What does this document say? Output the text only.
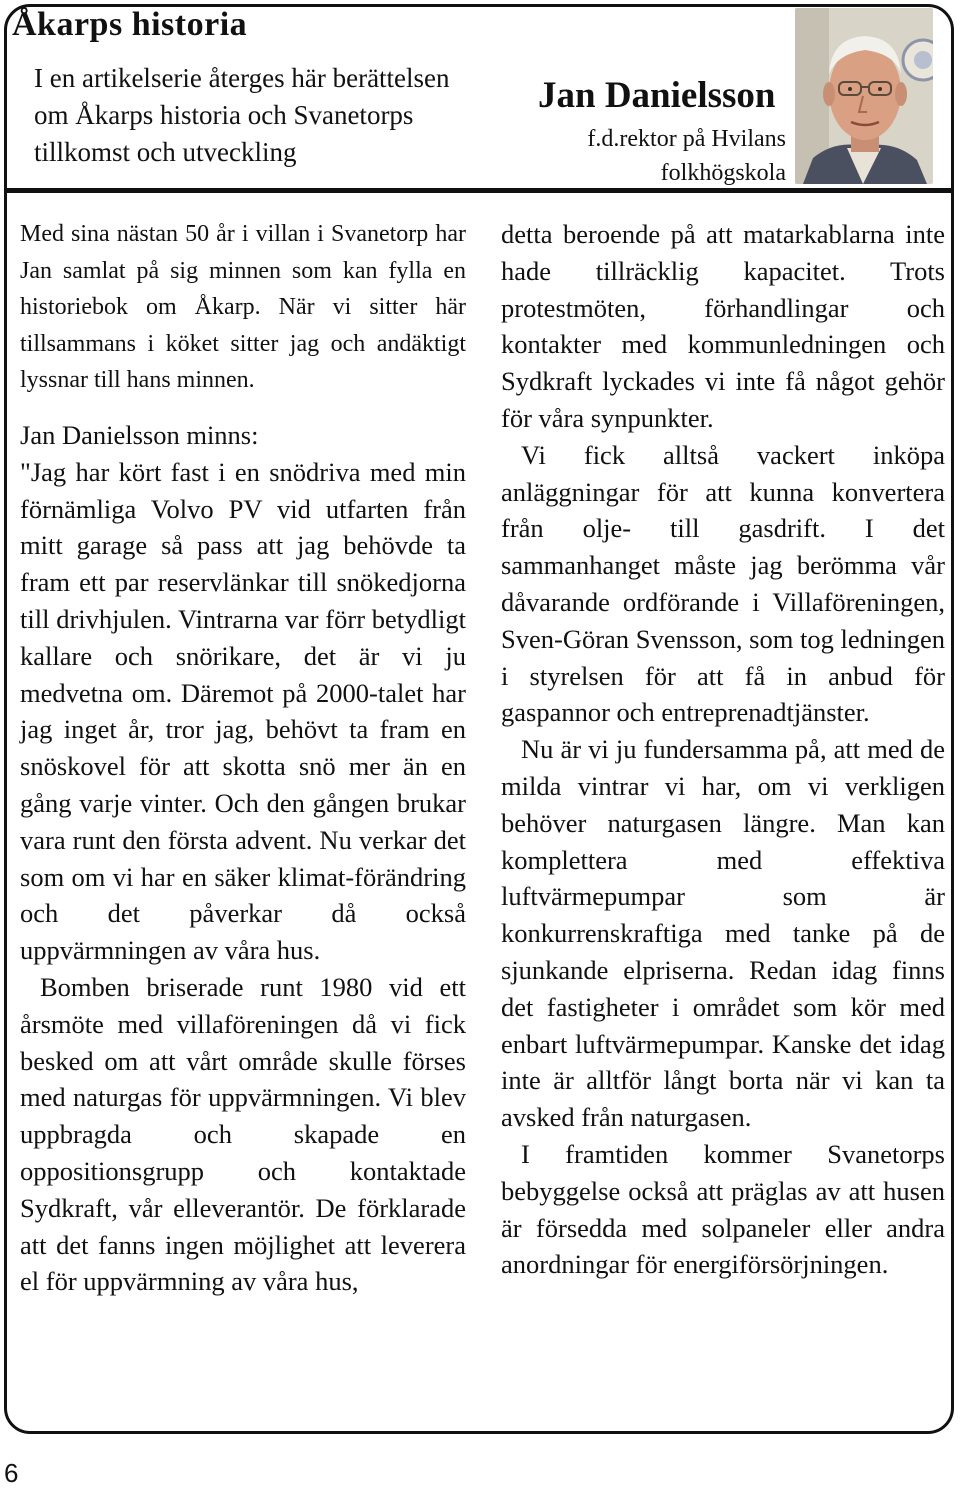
Åkarps historia

I en artikelserie återges här berättelsen

om Åkarps historia och Svanetorps

tillkomst och utveckling

Jan Danielsson
f.d.rektor på Hvilans
folkhögskola

Med sina nästan 50 år i villan i Svanetorp har Jan samlat på sig minnen som kan fylla en historiebok om Åkarp. När vi sitter här tillsammans i köket sitter jag och andäktigt lyssnar till hans minnen.

Jan Danielsson minns:

"Jag har kört fast i en snödriva med min förnämliga Volvo PV vid utfarten från mitt garage så pass att jag behövde ta fram ett par reservlänkar till snökedjorna till drivhjulen. Vintrarna var förr betydligt kallare och snörikare, det är vi ju medvetna om. Däremot på 2000-talet har jag inget år, tror jag, behövt ta fram en snöskovel för att skotta snö mer än en gång varje vinter. Och den gången brukar vara runt den första advent. Nu verkar det som om vi har en säker klimat-förändring och det påverkar då också uppvärmningen av våra hus.

Bomben briserade runt 1980 vid ett årsmöte med villaföreningen då vi fick besked om att vårt område skulle förses med naturgas för uppvärmningen. Vi blev uppbragda och skapade en oppositionsgrupp och kontaktade Sydkraft, vår elleverantör. De förklarade att det fanns ingen möjlighet att leverera el för uppvärmning av våra hus,

detta beroende på att matarkablarna inte hade tillräcklig kapacitet. Trots protestmöten, förhandlingar och kontakter med kommunledningen och Sydkraft lyckades vi inte få något gehör för våra synpunkter.

Vi fick alltså vackert inköpa anläggningar för att kunna konvertera från olje- till gasdrift. I det sammanhanget måste jag berömma vår dåvarande ordförande i Villaföreningen, Sven-Göran Svensson, som tog ledningen i styrelsen för att få in anbud för gaspannor och entreprenadtjänster.

Nu är vi ju fundersamma på, att med de milda vintrar vi har, om vi verkligen behöver naturgasen längre. Man kan komplettera med effektiva luftvärmepumpar som är konkurrenskraftiga med tanke på de sjunkande elpriserna. Redan idag finns det fastigheter i området som kör med enbart luftvärmepumpar. Kanske det idag inte är alltför långt borta när vi kan ta avsked från naturgasen.

I framtiden kommer Svanetorps bebyggelse också att präglas av att husen är försedda med solpaneler eller andra anordningar för energiförsörjningen.

6
